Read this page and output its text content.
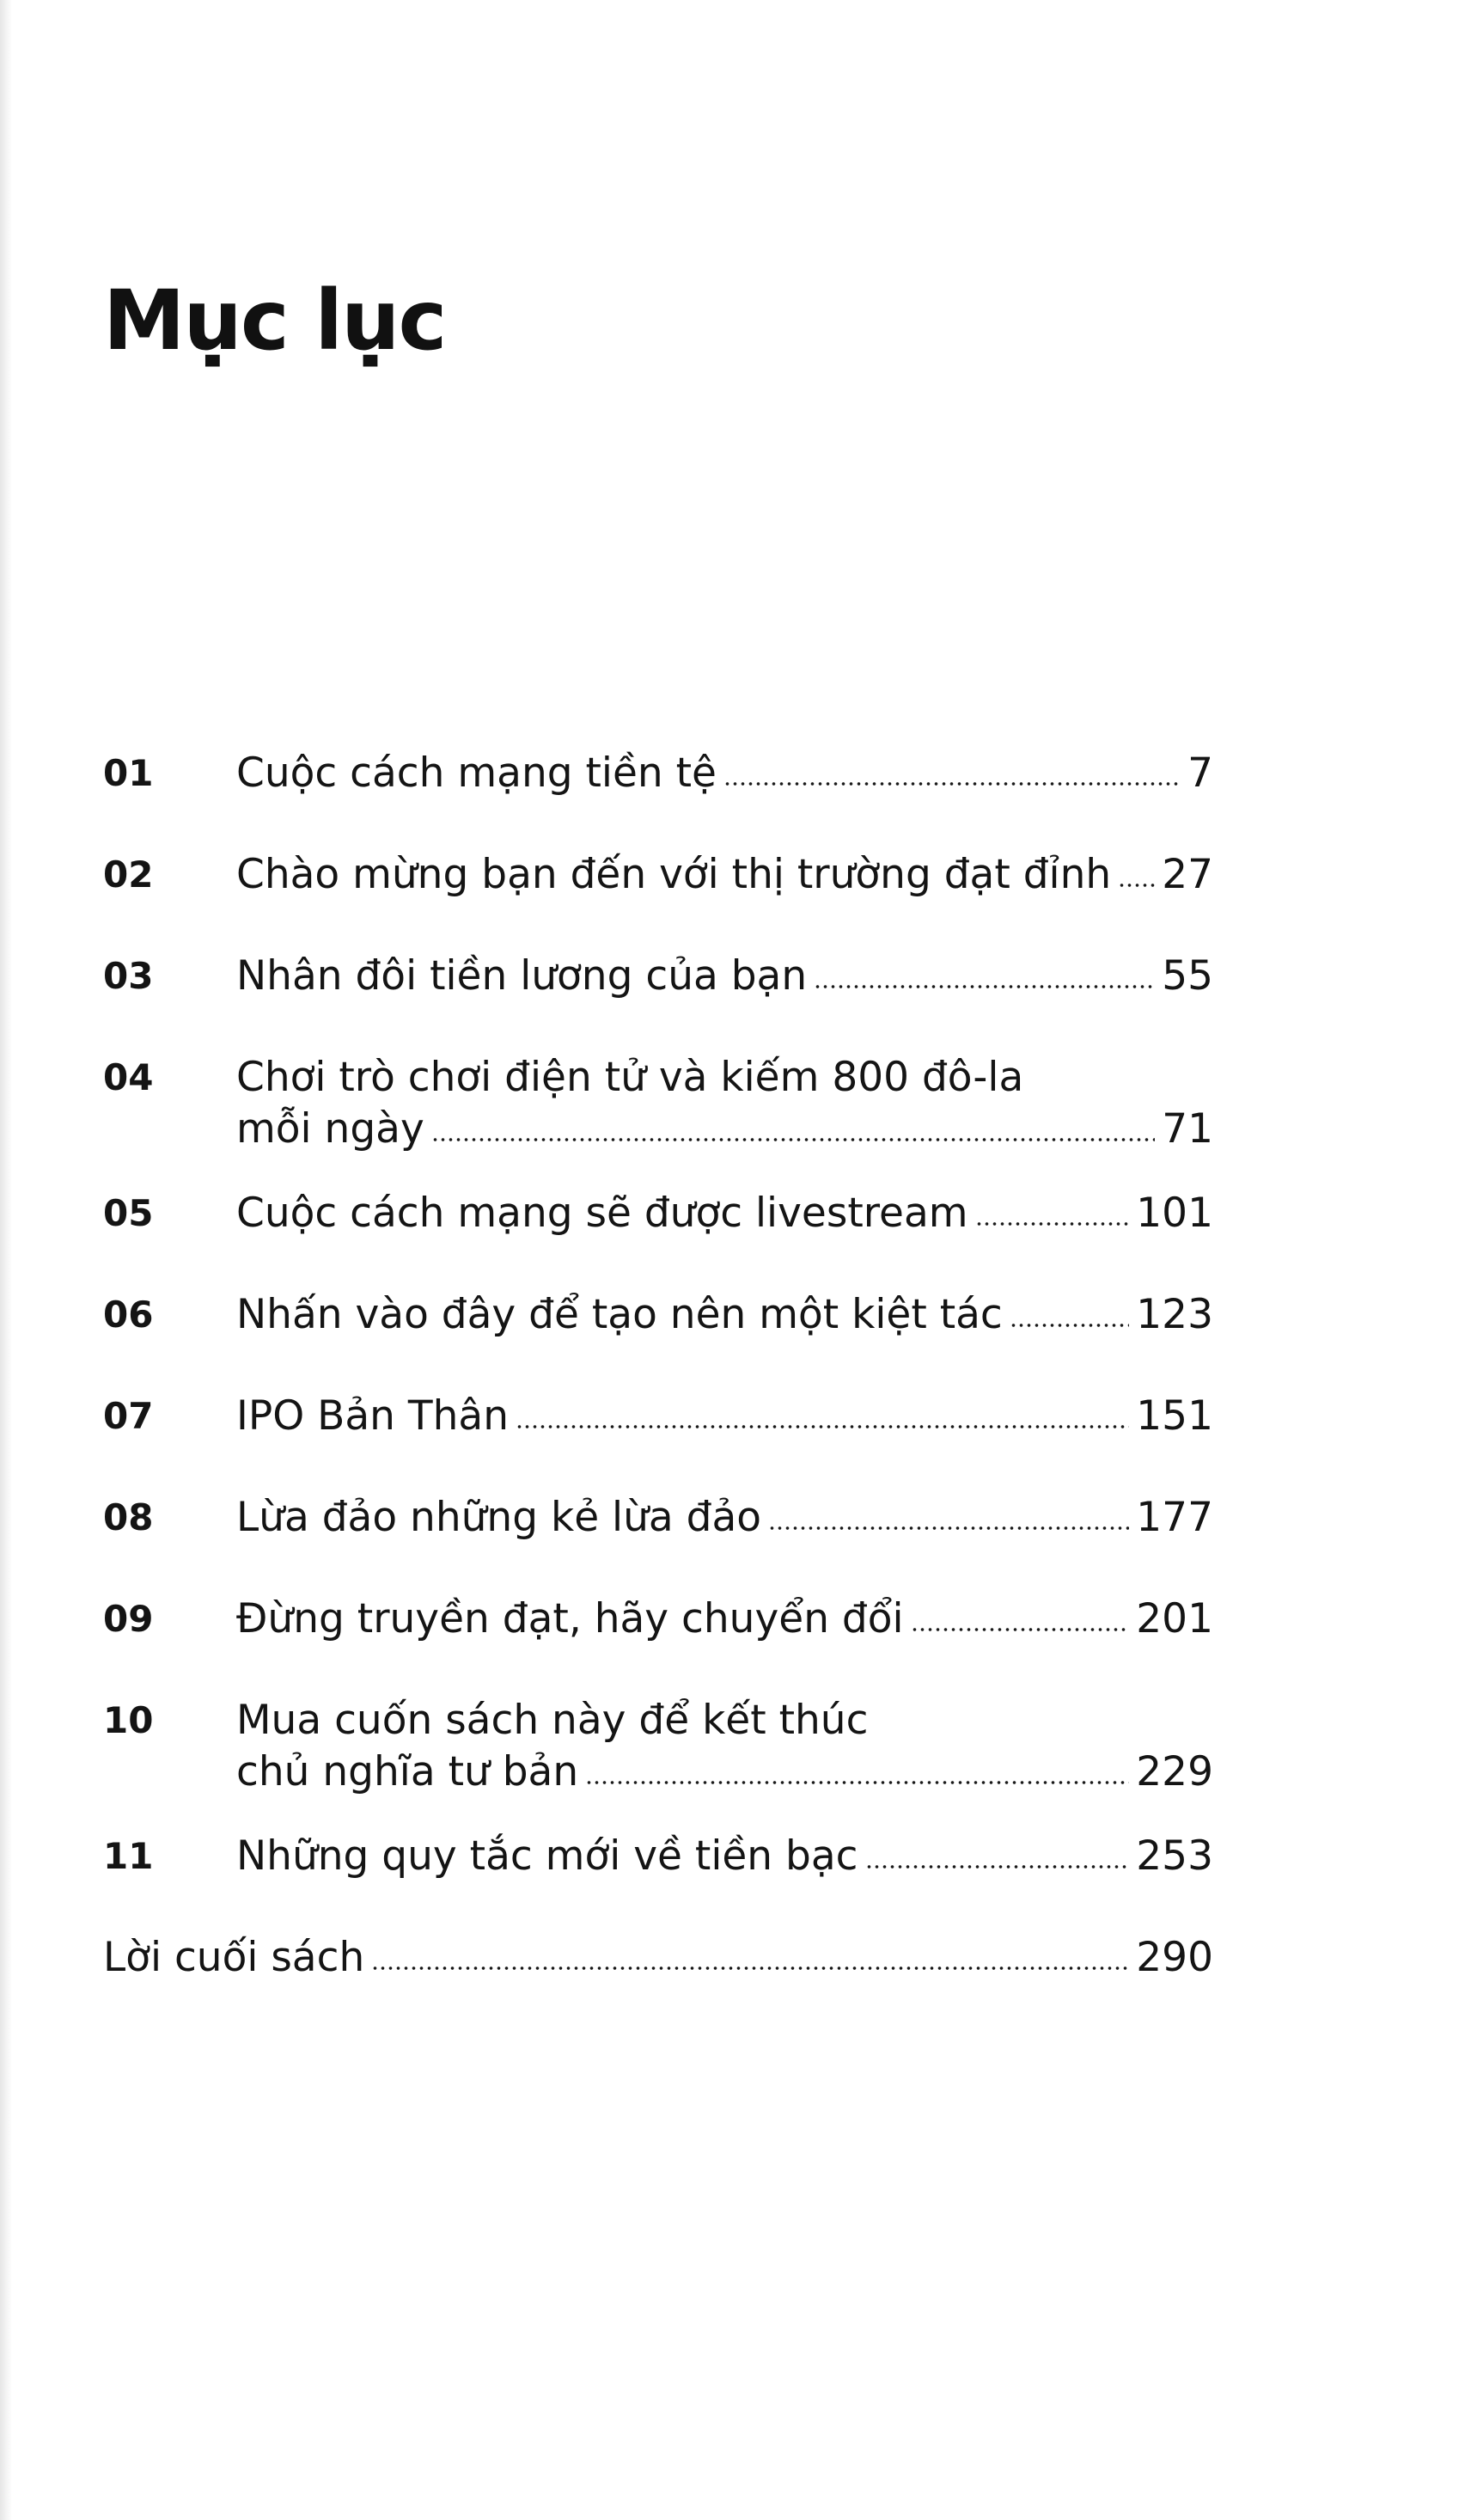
Mục lục
01 Cuộc cách mạng tiền tệ	7
02 Chào mừng bạn đến với thị trường đạt đỉnh 27
03 Nhân đôi tiền lương của bạn	55
04 Chơi trò chơi điện tử và kiếm 800 đô-la
mỗi ngày	71
05 Cuộc cách mạng sẽ được livestream	101
06 Nhấn vào đây để tạo nên một kiệt tác	123
07 IPO Bản Thân	151
08 Lừa đảo những kẻ lừa đảo	177
09 Đừng truyền đạt, hãy chuyển đổi	201
10 Mua cuốn sách này để kết thúc
chủ nghĩa tư bản	229
11 Những quy tắc mới về tiền bạc	253
Lời cuối sách	290
